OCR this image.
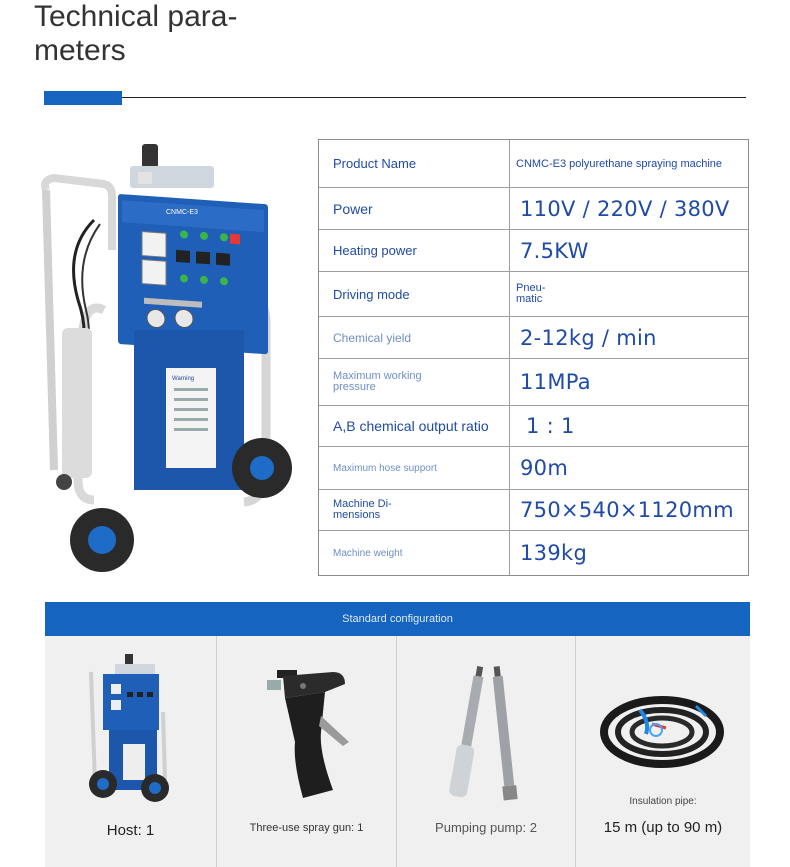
Technical para-
meters
CNMC-E3
Warning
Product Name	CNMC-E3 polyurethane spraying machine
Power	110V / 220V / 380V
Heating power	7.5KW
Driving mode	Pneu-
matic
Chemical yield	2-12kg / min
Maximum working
pressure	11MPa
A,B chemical output ratio	1 : 1
Maximum hose support	90m
Machine Di-
mensions	750×540×1120mm
Machine weight	139kg
Standard configuration
Host: 1	Three-use spray gun: 1	Pumping pump: 2
Insulation pipe:
15 m (up to 90 m)
